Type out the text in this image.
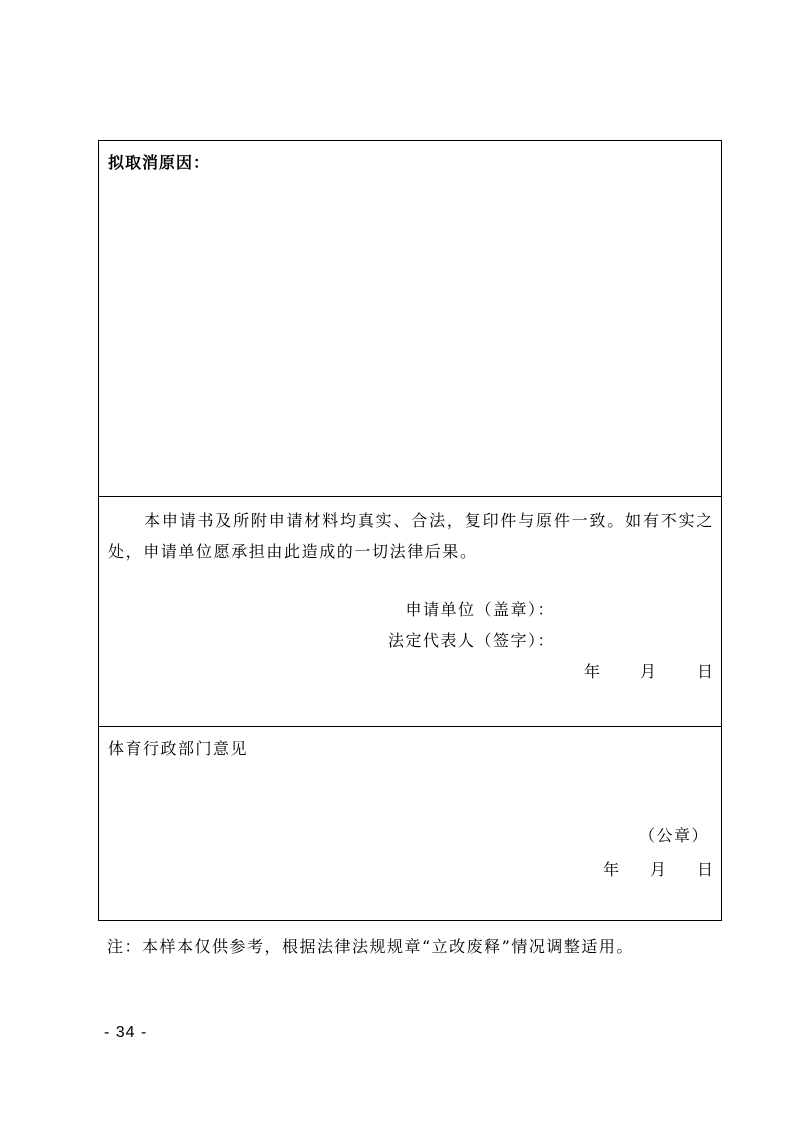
拟取消原因：
本申请书及所附申请材料均真实、合法，复印件与原件一致。如有不实之处，申请单位愿承担由此造成的一切法律后果。
申请单位（盖章）：
法定代表人（签字）：
年 月	日
体育行政部门意见
（公章）
年 月 日
注：本样本仅供参考，根据法律法规规章“立改废释”情况调整适用。
- 34 -
